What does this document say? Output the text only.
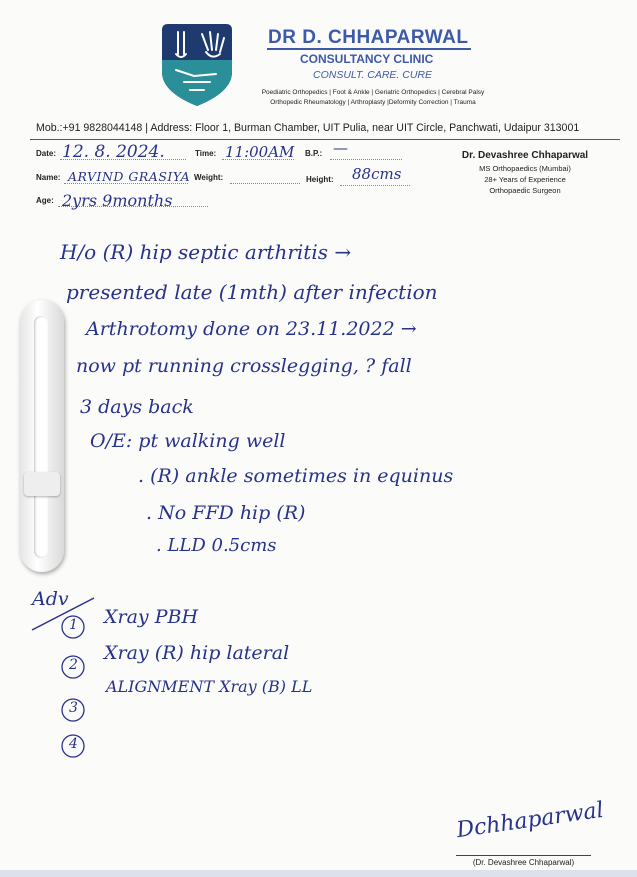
DR D. CHHAPARWAL
CONSULTANCY CLINIC
CONSULT. CARE. CURE
Poediatric Orthopedics | Foot & Ankle | Geriatric Orthopedics | Cerebral Palsy
Orthopedic Rheumatology | Arthroplasty |Deformity Correction | Trauma
Mob.:+91 9828044148 | Address: Floor 1, Burman Chamber, UIT Pulia, near UIT Circle, Panchwati, Udaipur 313001
Date: 12. 8. 2024.	Time: 11:00AM B.P.: —
Name: ARVIND GRASIYA Weight:	Height: 88cms
Age: 2yrs 9months
Dr. Devashree Chhaparwal
MS Orthopaedics (Mumbai)
28+ Years of Experience
Orthopaedic Surgeon
H/o (R) hip septic arthritis →
presented late (1mth) after infection
Arthrotomy done on 23.11.2022 →
now pt running crosslegging, ? fall
3 days back
O/E: pt walking well
. (R) ankle sometimes in equinus
. No FFD hip (R)
. LLD 0.5cms
Adv
1
2
3
4
Xray PBH
Xray (R) hip lateral
ALIGNMENT Xray (B) LL
Dchhaparwal
(Dr. Devashree Chhaparwal)
